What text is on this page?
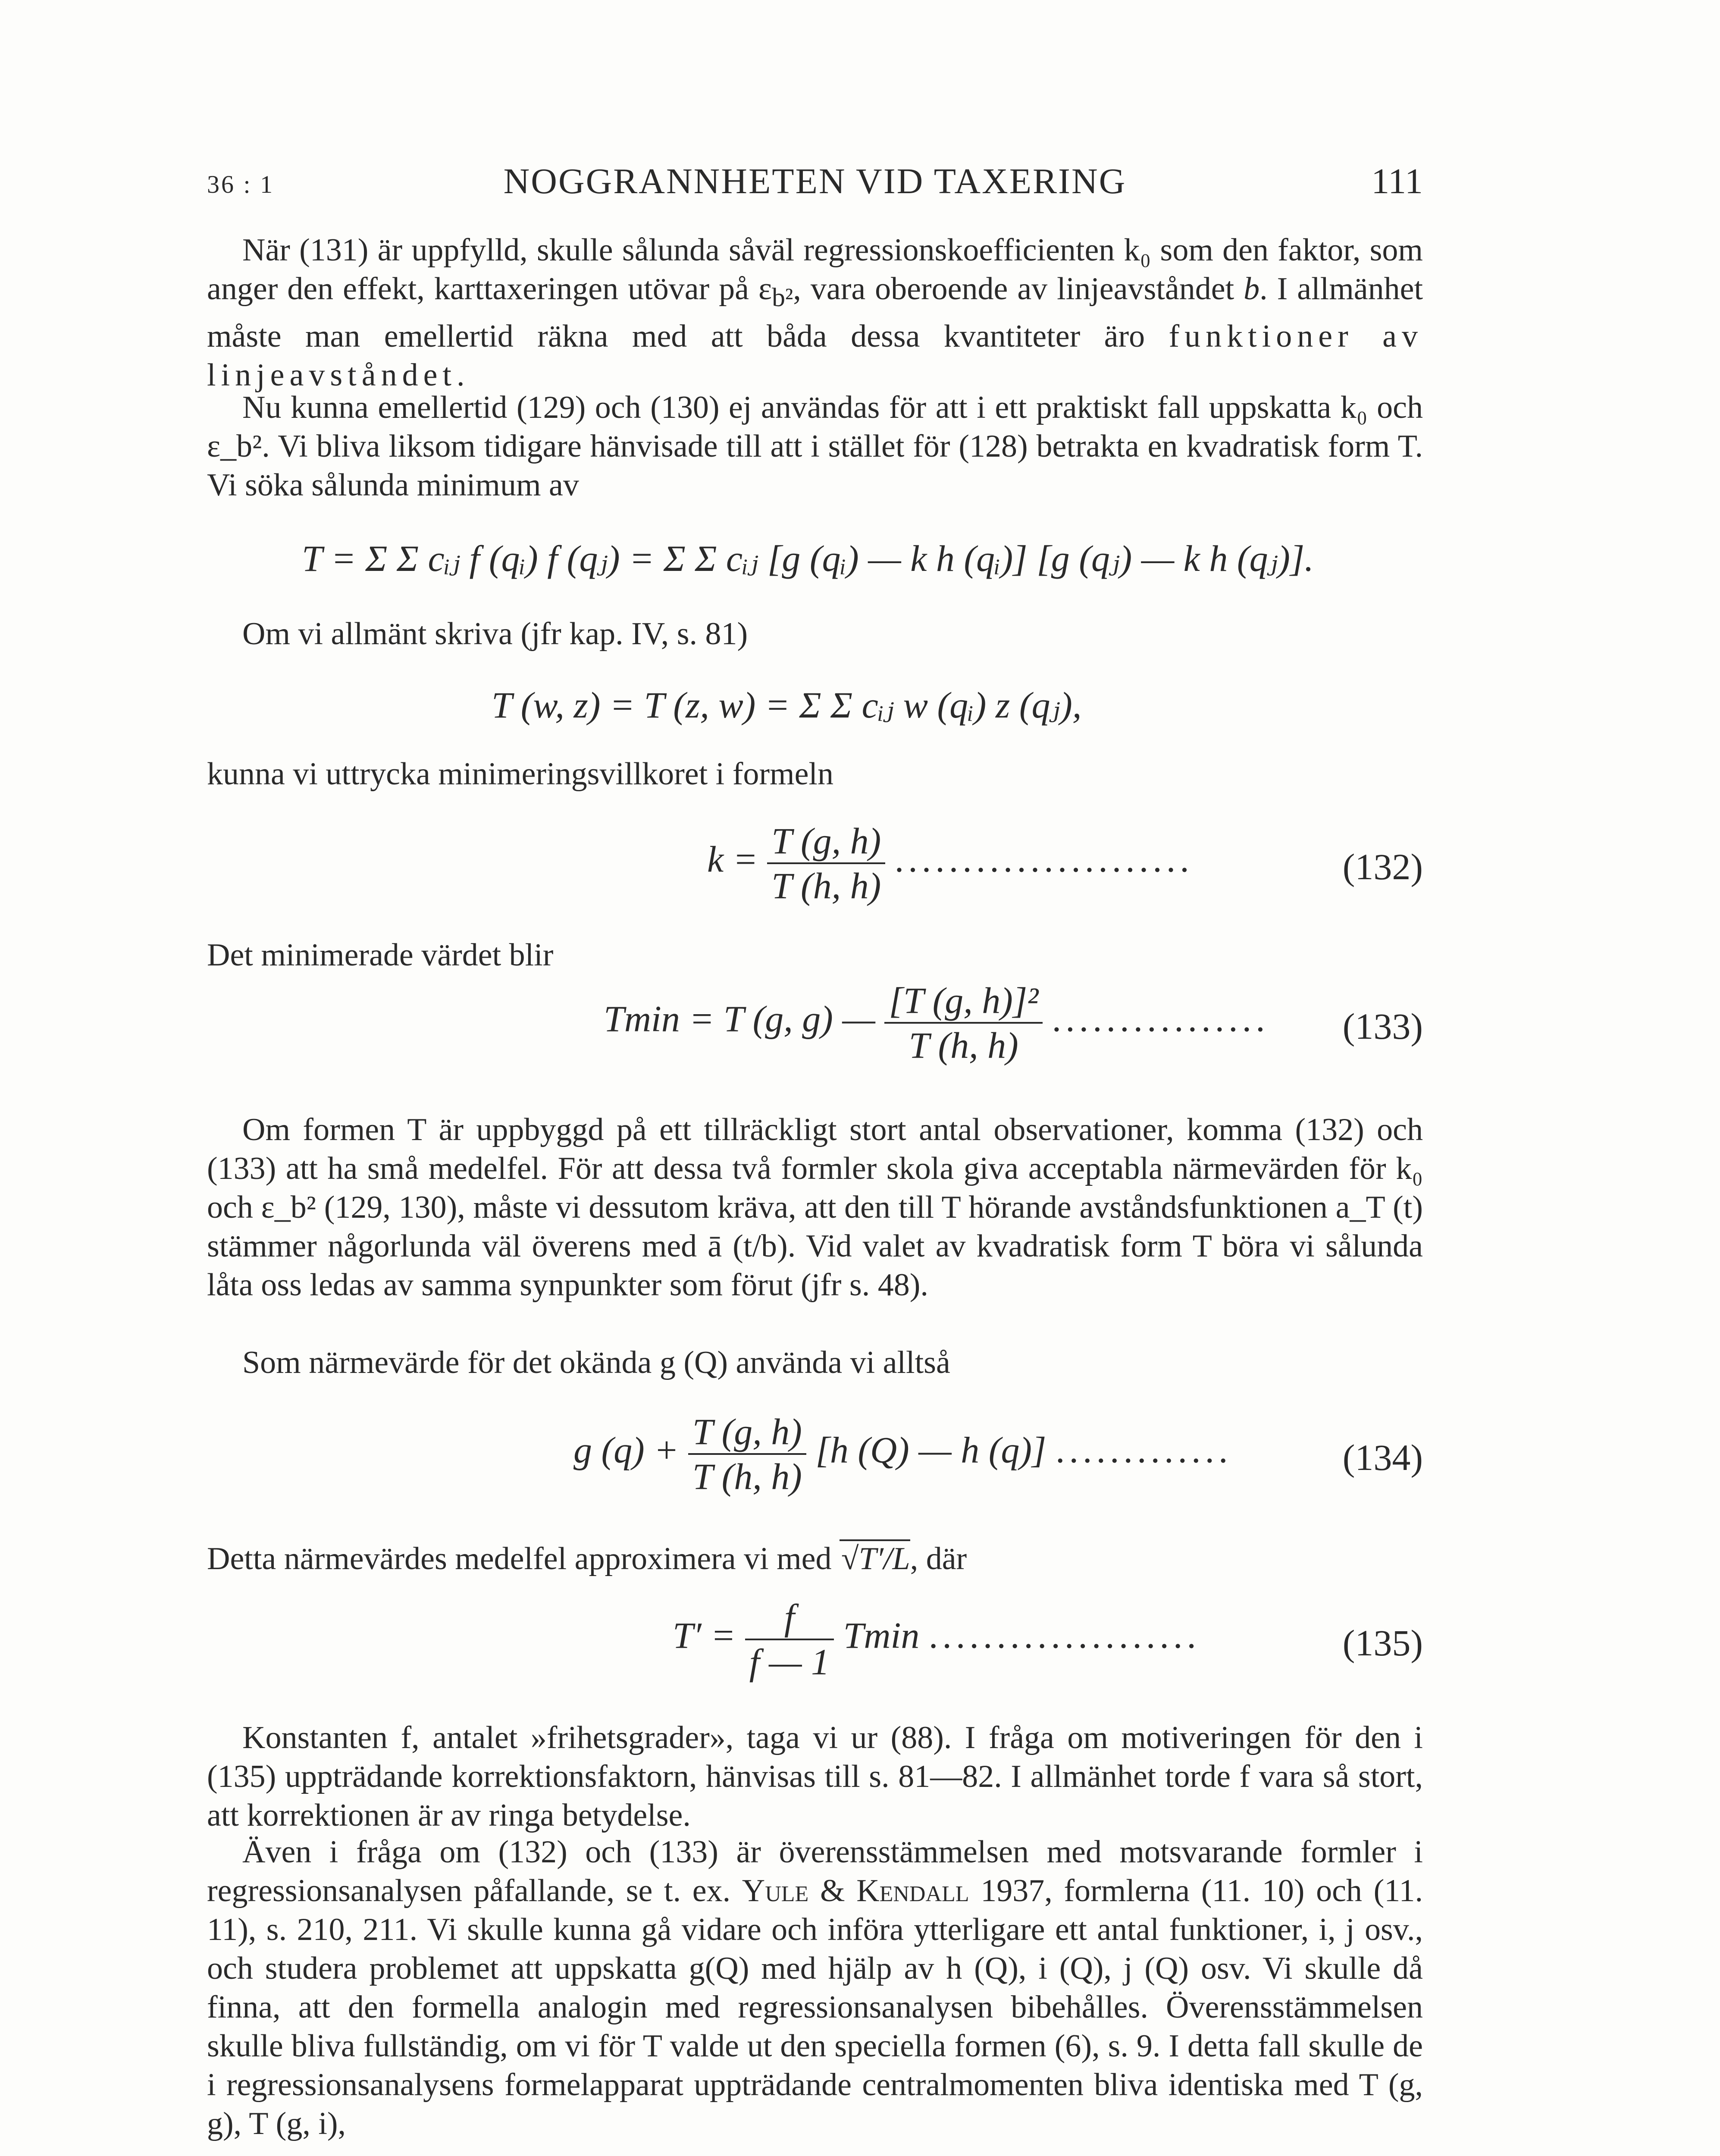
36 : 1	NOGGRANNHETEN VID TAXERING	111

När (131) är uppfylld, skulle sålunda såväl regressionskoefficienten k₀ som den faktor, som anger den effekt, karttaxeringen utövar på $\varepsilon_{b^2}$, vara oberoende av linjeavståndet b. I allmänhet måste man emellertid räkna med att båda dessa kvantiteter äro funktioner av linjeavståndet.

Nu kunna emellertid (129) och (130) ej användas för att i ett praktiskt fall uppskatta k₀ och ε_b². Vi bliva liksom tidigare hänvisade till att i stället för (128) betrakta en kvadratisk form T. Vi söka sålunda minimum av

T = Σ Σ cᵢⱼ f (qᵢ) f (qⱼ) = Σ Σ cᵢⱼ [g (qᵢ) — k h (qᵢ)] [g (qⱼ) — k h (qⱼ)].

Om vi allmänt skriva (jfr kap. IV, s. 81)

T (w, z) = T (z, w) = Σ Σ cᵢⱼ w (qᵢ) z (qⱼ),

kunna vi uttrycka minimeringsvillkoret i formeln

$k = \frac{T (g, h)}{T (h, h)}$ ......................	(132)

Det minimerade värdet blir

Tmin = T (g, g) — $\frac{\text{[T (g, h)]²}}{T (h, h)}$ ................ (133)

Om formen T är uppbyggd på ett tillräckligt stort antal observationer, komma (132) och (133) att ha små medelfel. För att dessa två formler skola giva acceptabla närmevärden för k₀ och ε_b² (129, 130), måste vi dessutom kräva, att den till T hörande avståndsfunktionen a_T (t) stämmer någorlunda väl överens med ā (t/b). Vid valet av kvadratisk form T böra vi sålunda låta oss ledas av samma synpunkter som förut (jfr s. 48).

Som närmevärde för det okända g (Q) använda vi alltså

g $(q) + \frac{T (g, h)}{T (h, h)} [h$ (Q) — h (q)] .............	(134)

Detta närmevärdes medelfel approximera vi med √T′/L, där

$T' = \frac{f}{f — 1}$ Tmin ....................	(135)

Konstanten f, antalet »frihetsgrader», taga vi ur (88). I fråga om motiveringen för den i (135) uppträdande korrektionsfaktorn, hänvisas till s. 81—82. I allmänhet torde f vara så stort, att korrektionen är av ringa betydelse.

Även i fråga om (132) och (133) är överensstämmelsen med motsvarande formler i regressionsanalysen påfallande, se t. ex. Yule & Kendall 1937, formlerna (11. 10) och (11. 11), s. 210, 211. Vi skulle kunna gå vidare och införa ytterligare ett antal funktioner, i, j osv., och studera problemet att uppskatta g(Q) med hjälp av h (Q), i (Q), j (Q) osv. Vi skulle då finna, att den formella analogin med regressionsanalysen bibehålles. Överensstämmelsen skulle bliva fullständig, om vi för T valde ut den speciella formen (6), s. 9. I detta fall skulle de i regressionsanalysens formelapparat uppträdande centralmomenten bliva identiska med T (g, g), T (g, i),
